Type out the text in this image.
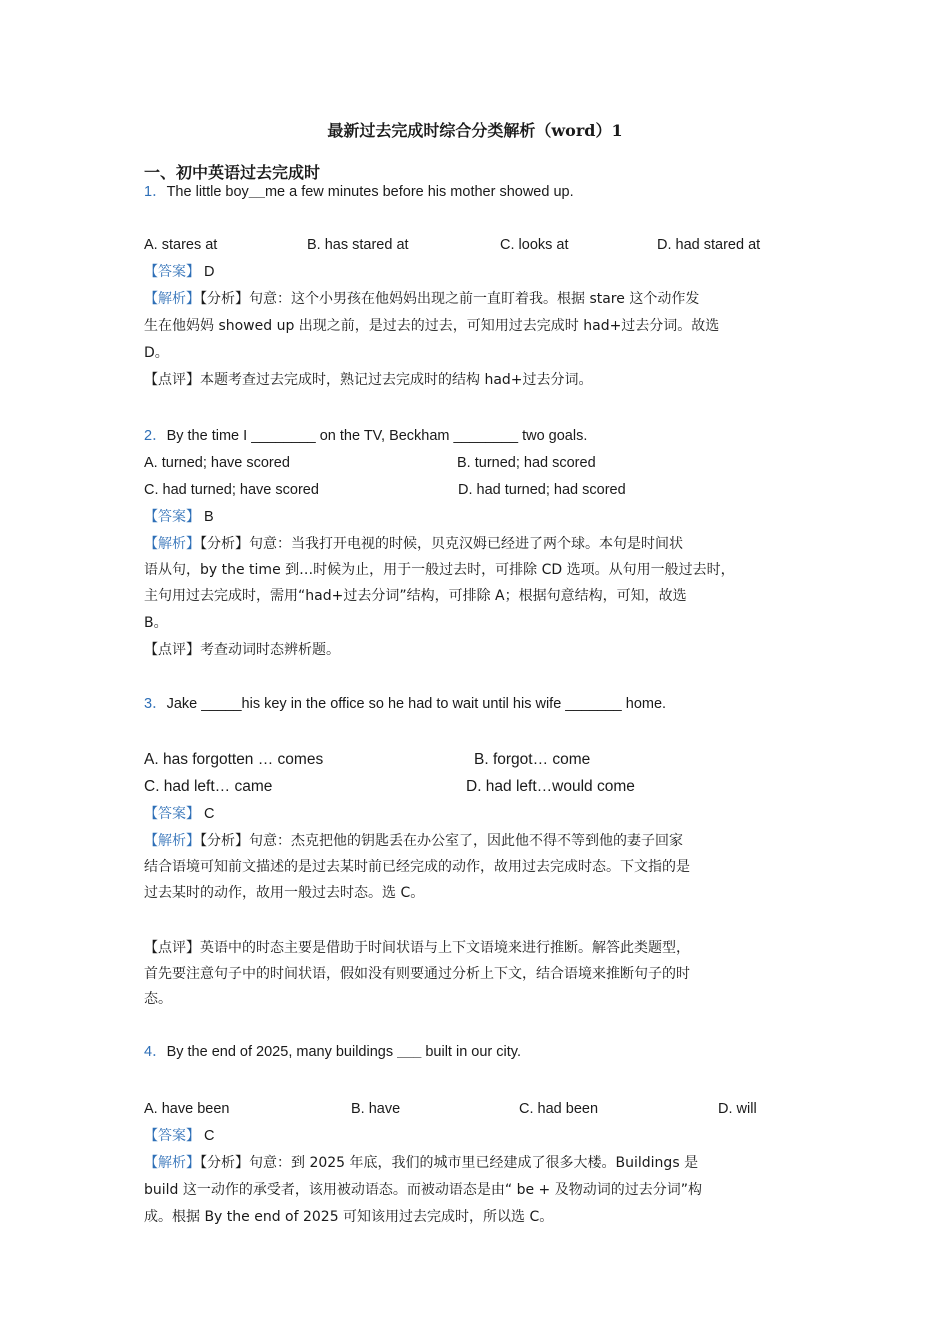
最新过去完成时综合分类解析（word）1
一、初中英语过去完成时
1．The little boy__me a few minutes before his mother showed up.
A. stares at	B. has stared at	C. looks at	D. had stared at
【答案】 D
【解析】【分析】句意：这个小男孩在他妈妈出现之前一直盯着我。根据 stare 这个动作发
生在他妈妈 showed up 出现之前，是过去的过去，可知用过去完成时 had+过去分词。故选
D。
【点评】本题考查过去完成时，熟记过去完成时的结构 had+过去分词。
2．By the time I ________ on the TV, Beckham ________ two goals.
A. turned; have scored	B. turned; had scored
C. had turned; have scored	D. had turned; had scored
【答案】 B
【解析】【分析】句意：当我打开电视的时候，贝克汉姆已经进了两个球。本句是时间状
语从句，by the time 到…时候为止，用于一般过去时，可排除 CD 选项。从句用一般过去时，
主句用过去完成时，需用“had+过去分词”结构，可排除 A；根据句意结构，可知，故选
B。
【点评】考查动词时态辨析题。
3．Jake _____his key in the office so he had to wait until his wife _______ home.
A. has forgotten … comes	B. forgot… come
C. had left… came	D. had left…would come
【答案】 C
【解析】【分析】句意：杰克把他的钥匙丢在办公室了，因此他不得不等到他的妻子回家
结合语境可知前文描述的是过去某时前已经完成的动作，故用过去完成时态。下文指的是
过去某时的动作，故用一般过去时态。选 C。
【点评】英语中的时态主要是借助于时间状语与上下文语境来进行推断。解答此类题型，
首先要注意句子中的时间状语，假如没有则要通过分析上下文，结合语境来推断句子的时
态。
4．By the end of 2025, many buildings ___ built in our city.
A. have been	B. have	C. had been	D. will
【答案】 C
【解析】【分析】句意：到 2025 年底，我们的城市里已经建成了很多大楼。Buildings 是
build 这一动作的承受者，该用被动语态。而被动语态是由“ be + 及物动词的过去分词”构
成。根据 By the end of 2025 可知该用过去完成时，所以选 C。
